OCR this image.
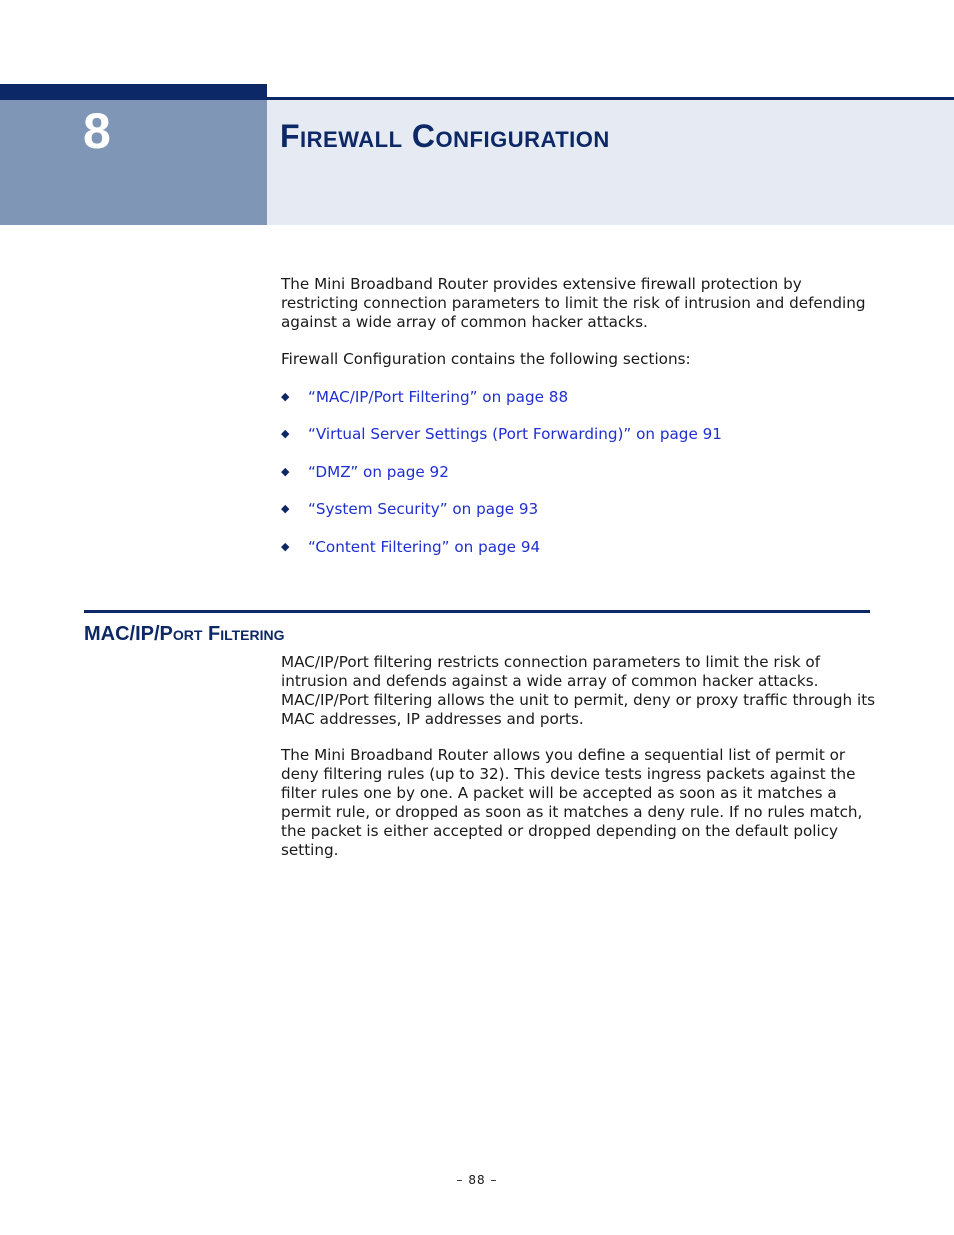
8	Firewall Configuration

The Mini Broadband Router provides extensive firewall protection by restricting connection parameters to limit the risk of intrusion and defending against a wide array of common hacker attacks.

Firewall Configuration contains the following sections:

◆	“MAC/IP/Port Filtering” on page 88
◆	“Virtual Server Settings (Port Forwarding)” on page 91
◆	“DMZ” on page 92
◆	“System Security” on page 93
◆	“Content Filtering” on page 94
MAC/IP/Port Filtering

MAC/IP/Port filtering restricts connection parameters to limit the risk of intrusion and defends against a wide array of common hacker attacks. MAC/IP/Port filtering allows the unit to permit, deny or proxy traffic through its MAC addresses, IP addresses and ports.

The Mini Broadband Router allows you define a sequential list of permit or deny filtering rules (up to 32). This device tests ingress packets against the filter rules one by one. A packet will be accepted as soon as it matches a permit rule, or dropped as soon as it matches a deny rule. If no rules match, the packet is either accepted or dropped depending on the default policy setting.

– 88 –
